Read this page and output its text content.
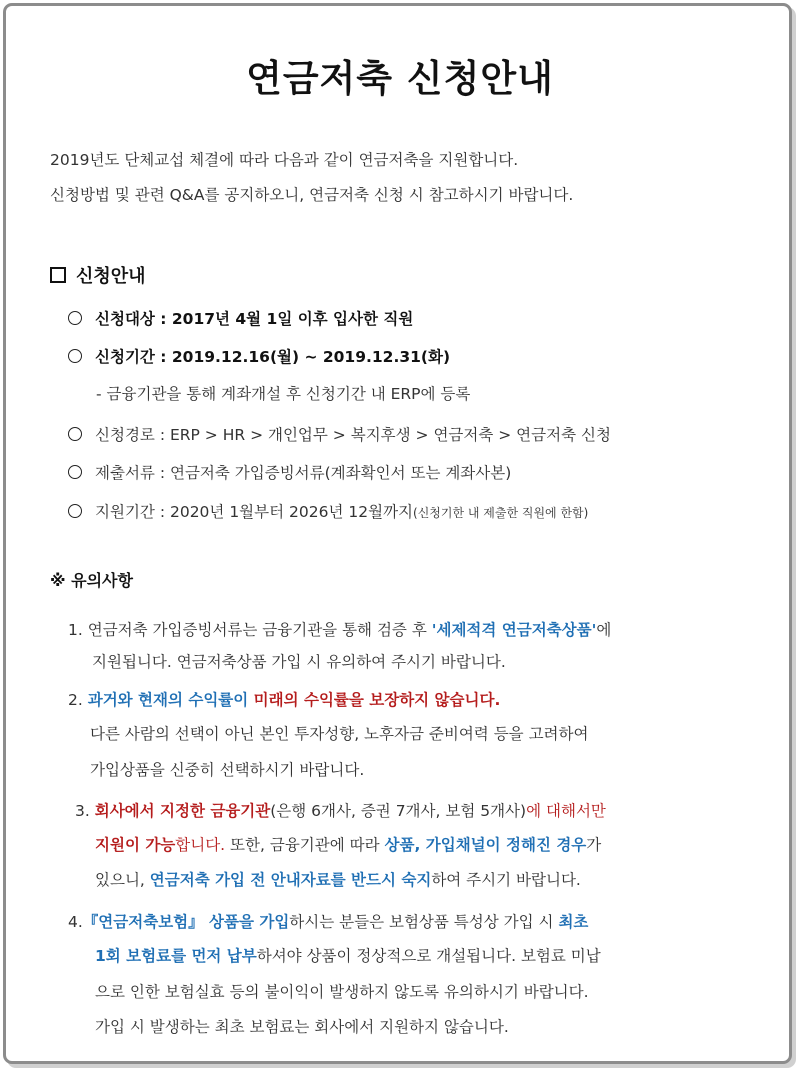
연금저축 신청안내
2019년도 단체교섭 체결에 따라 다음과 같이 연금저축을 지원합니다.
신청방법 및 관련 Q&A를 공지하오니, 연금저축 신청 시 참고하시기 바랍니다.
신청안내
신청대상 : 2017년 4월 1일 이후 입사한 직원
신청기간 : 2019.12.16(월) ~ 2019.12.31(화)
- 금융기관을 통해 계좌개설 후 신청기간 내 ERP에 등록
신청경로 : ERP > HR > 개인업무 > 복지후생 > 연금저축 > 연금저축 신청
제출서류 : 연금저축 가입증빙서류(계좌확인서 또는 계좌사본)
지원기간 : 2020년 1월부터 2026년 12월까지(신청기한 내 제출한 직원에 한함)
※ 유의사항
1. 연금저축 가입증빙서류는 금융기관을 통해 검증 후 '세제적격 연금저축상품'에
지원됩니다. 연금저축상품 가입 시 유의하여 주시기 바랍니다.
2. 과거와 현재의 수익률이 미래의 수익률을 보장하지 않습니다.
다른 사람의 선택이 아닌 본인 투자성향, 노후자금 준비여력 등을 고려하여
가입상품을 신중히 선택하시기 바랍니다.
3. 회사에서 지정한 금융기관(은행 6개사, 증권 7개사, 보험 5개사)에 대해서만
지원이 가능합니다. 또한, 금융기관에 따라 상품, 가입채널이 정해진 경우가
있으니, 연금저축 가입 전 안내자료를 반드시 숙지하여 주시기 바랍니다.
4.『연금저축보험』 상품을 가입하시는 분들은 보험상품 특성상 가입 시 최초
1회 보험료를 먼저 납부하셔야 상품이 정상적으로 개설됩니다. 보험료 미납
으로 인한 보험실효 등의 불이익이 발생하지 않도록 유의하시기 바랍니다.
가입 시 발생하는 최초 보험료는 회사에서 지원하지 않습니다.
